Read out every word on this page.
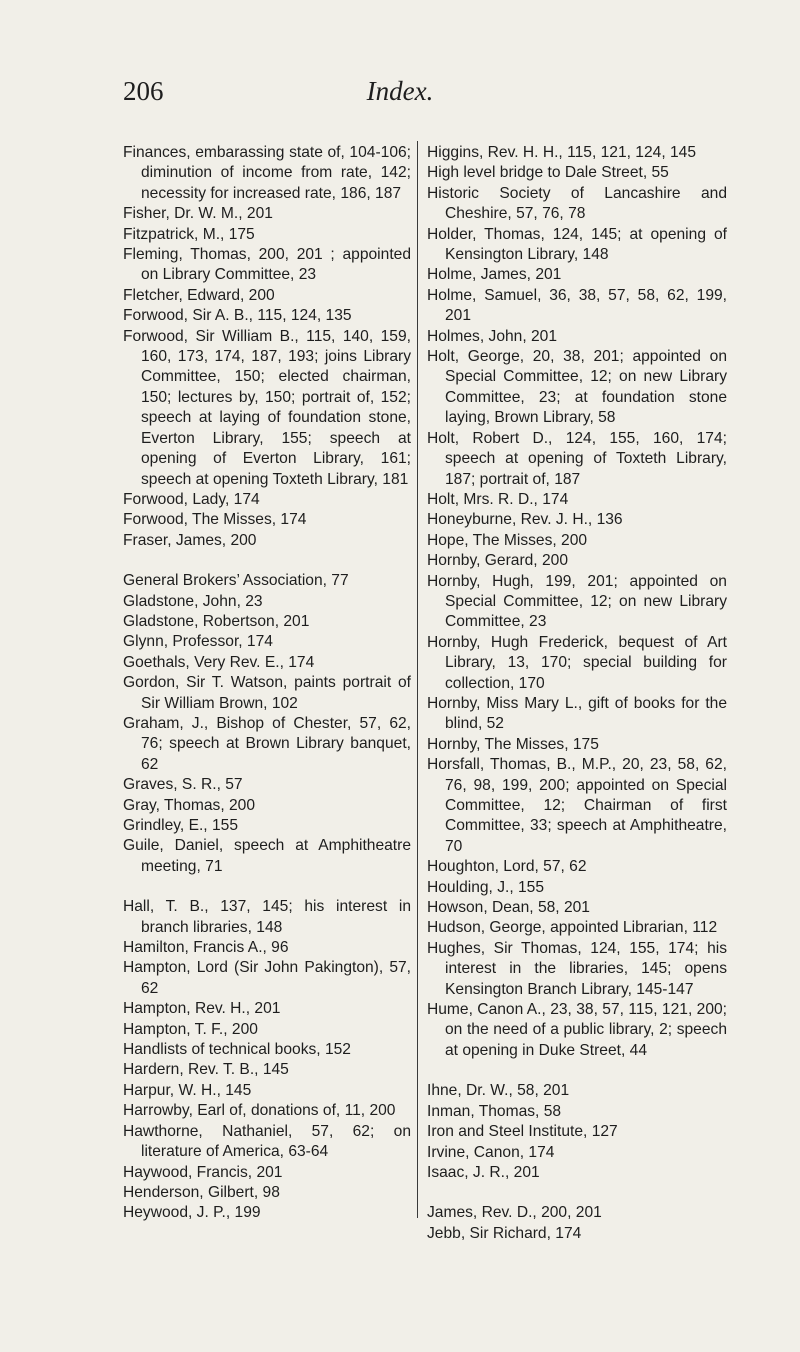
206	Index.
Finances, embarassing state of, 104-106; diminution of income from rate, 142; necessity for increased rate, 186, 187
Fisher, Dr. W. M., 201
Fitzpatrick, M., 175
Fleming, Thomas, 200, 201 ; appointed on Library Committee, 23
Fletcher, Edward, 200
Forwood, Sir A. B., 115, 124, 135
Forwood, Sir William B., 115, 140, 159, 160, 173, 174, 187, 193; joins Library Committee, 150; elected chairman, 150; lectures by, 150; portrait of, 152; speech at laying of foundation stone, Everton Library, 155; speech at opening of Everton Library, 161; speech at opening Toxteth Library, 181
Forwood, Lady, 174
Forwood, The Misses, 174
Fraser, James, 200
General Brokers’ Association, 77
Gladstone, John, 23
Gladstone, Robertson, 201
Glynn, Professor, 174
Goethals, Very Rev. E., 174
Gordon, Sir T. Watson, paints portrait of Sir William Brown, 102
Graham, J., Bishop of Chester, 57, 62, 76; speech at Brown Library banquet, 62
Graves, S. R., 57
Gray, Thomas, 200
Grindley, E., 155
Guile, Daniel, speech at Amphitheatre meeting, 71
Hall, T. B., 137, 145; his interest in branch libraries, 148
Hamilton, Francis A., 96
Hampton, Lord (Sir John Pakington), 57, 62
Hampton, Rev. H., 201
Hampton, T. F., 200
Handlists of technical books, 152
Hardern, Rev. T. B., 145
Harpur, W. H., 145
Harrowby, Earl of, donations of, 11, 200
Hawthorne, Nathaniel, 57, 62; on literature of America, 63-64
Haywood, Francis, 201
Henderson, Gilbert, 98
Heywood, J. P., 199
Higgins, Rev. H. H., 115, 121, 124, 145
High level bridge to Dale Street, 55
Historic Society of Lancashire and Cheshire, 57, 76, 78
Holder, Thomas, 124, 145; at opening of Kensington Library, 148
Holme, James, 201
Holme, Samuel, 36, 38, 57, 58, 62, 199, 201
Holmes, John, 201
Holt, George, 20, 38, 201; appointed on Special Committee, 12; on new Library Committee, 23; at foundation stone laying, Brown Library, 58
Holt, Robert D., 124, 155, 160, 174; speech at opening of Toxteth Library, 187; portrait of, 187
Holt, Mrs. R. D., 174
Honeyburne, Rev. J. H., 136
Hope, The Misses, 200
Hornby, Gerard, 200
Hornby, Hugh, 199, 201; appointed on Special Committee, 12; on new Library Committee, 23
Hornby, Hugh Frederick, bequest of Art Library, 13, 170; special building for collection, 170
Hornby, Miss Mary L., gift of books for the blind, 52
Hornby, The Misses, 175
Horsfall, Thomas, B., M.P., 20, 23, 58, 62, 76, 98, 199, 200; appointed on Special Committee, 12; Chairman of first Committee, 33; speech at Amphitheatre, 70
Houghton, Lord, 57, 62
Houlding, J., 155
Howson, Dean, 58, 201
Hudson, George, appointed Librarian, 112
Hughes, Sir Thomas, 124, 155, 174; his interest in the libraries, 145; opens Kensington Branch Library, 145-147
Hume, Canon A., 23, 38, 57, 115, 121, 200; on the need of a public library, 2; speech at opening in Duke Street, 44
Ihne, Dr. W., 58, 201
Inman, Thomas, 58
Iron and Steel Institute, 127
Irvine, Canon, 174
Isaac, J. R., 201
James, Rev. D., 200, 201
Jebb, Sir Richard, 174
